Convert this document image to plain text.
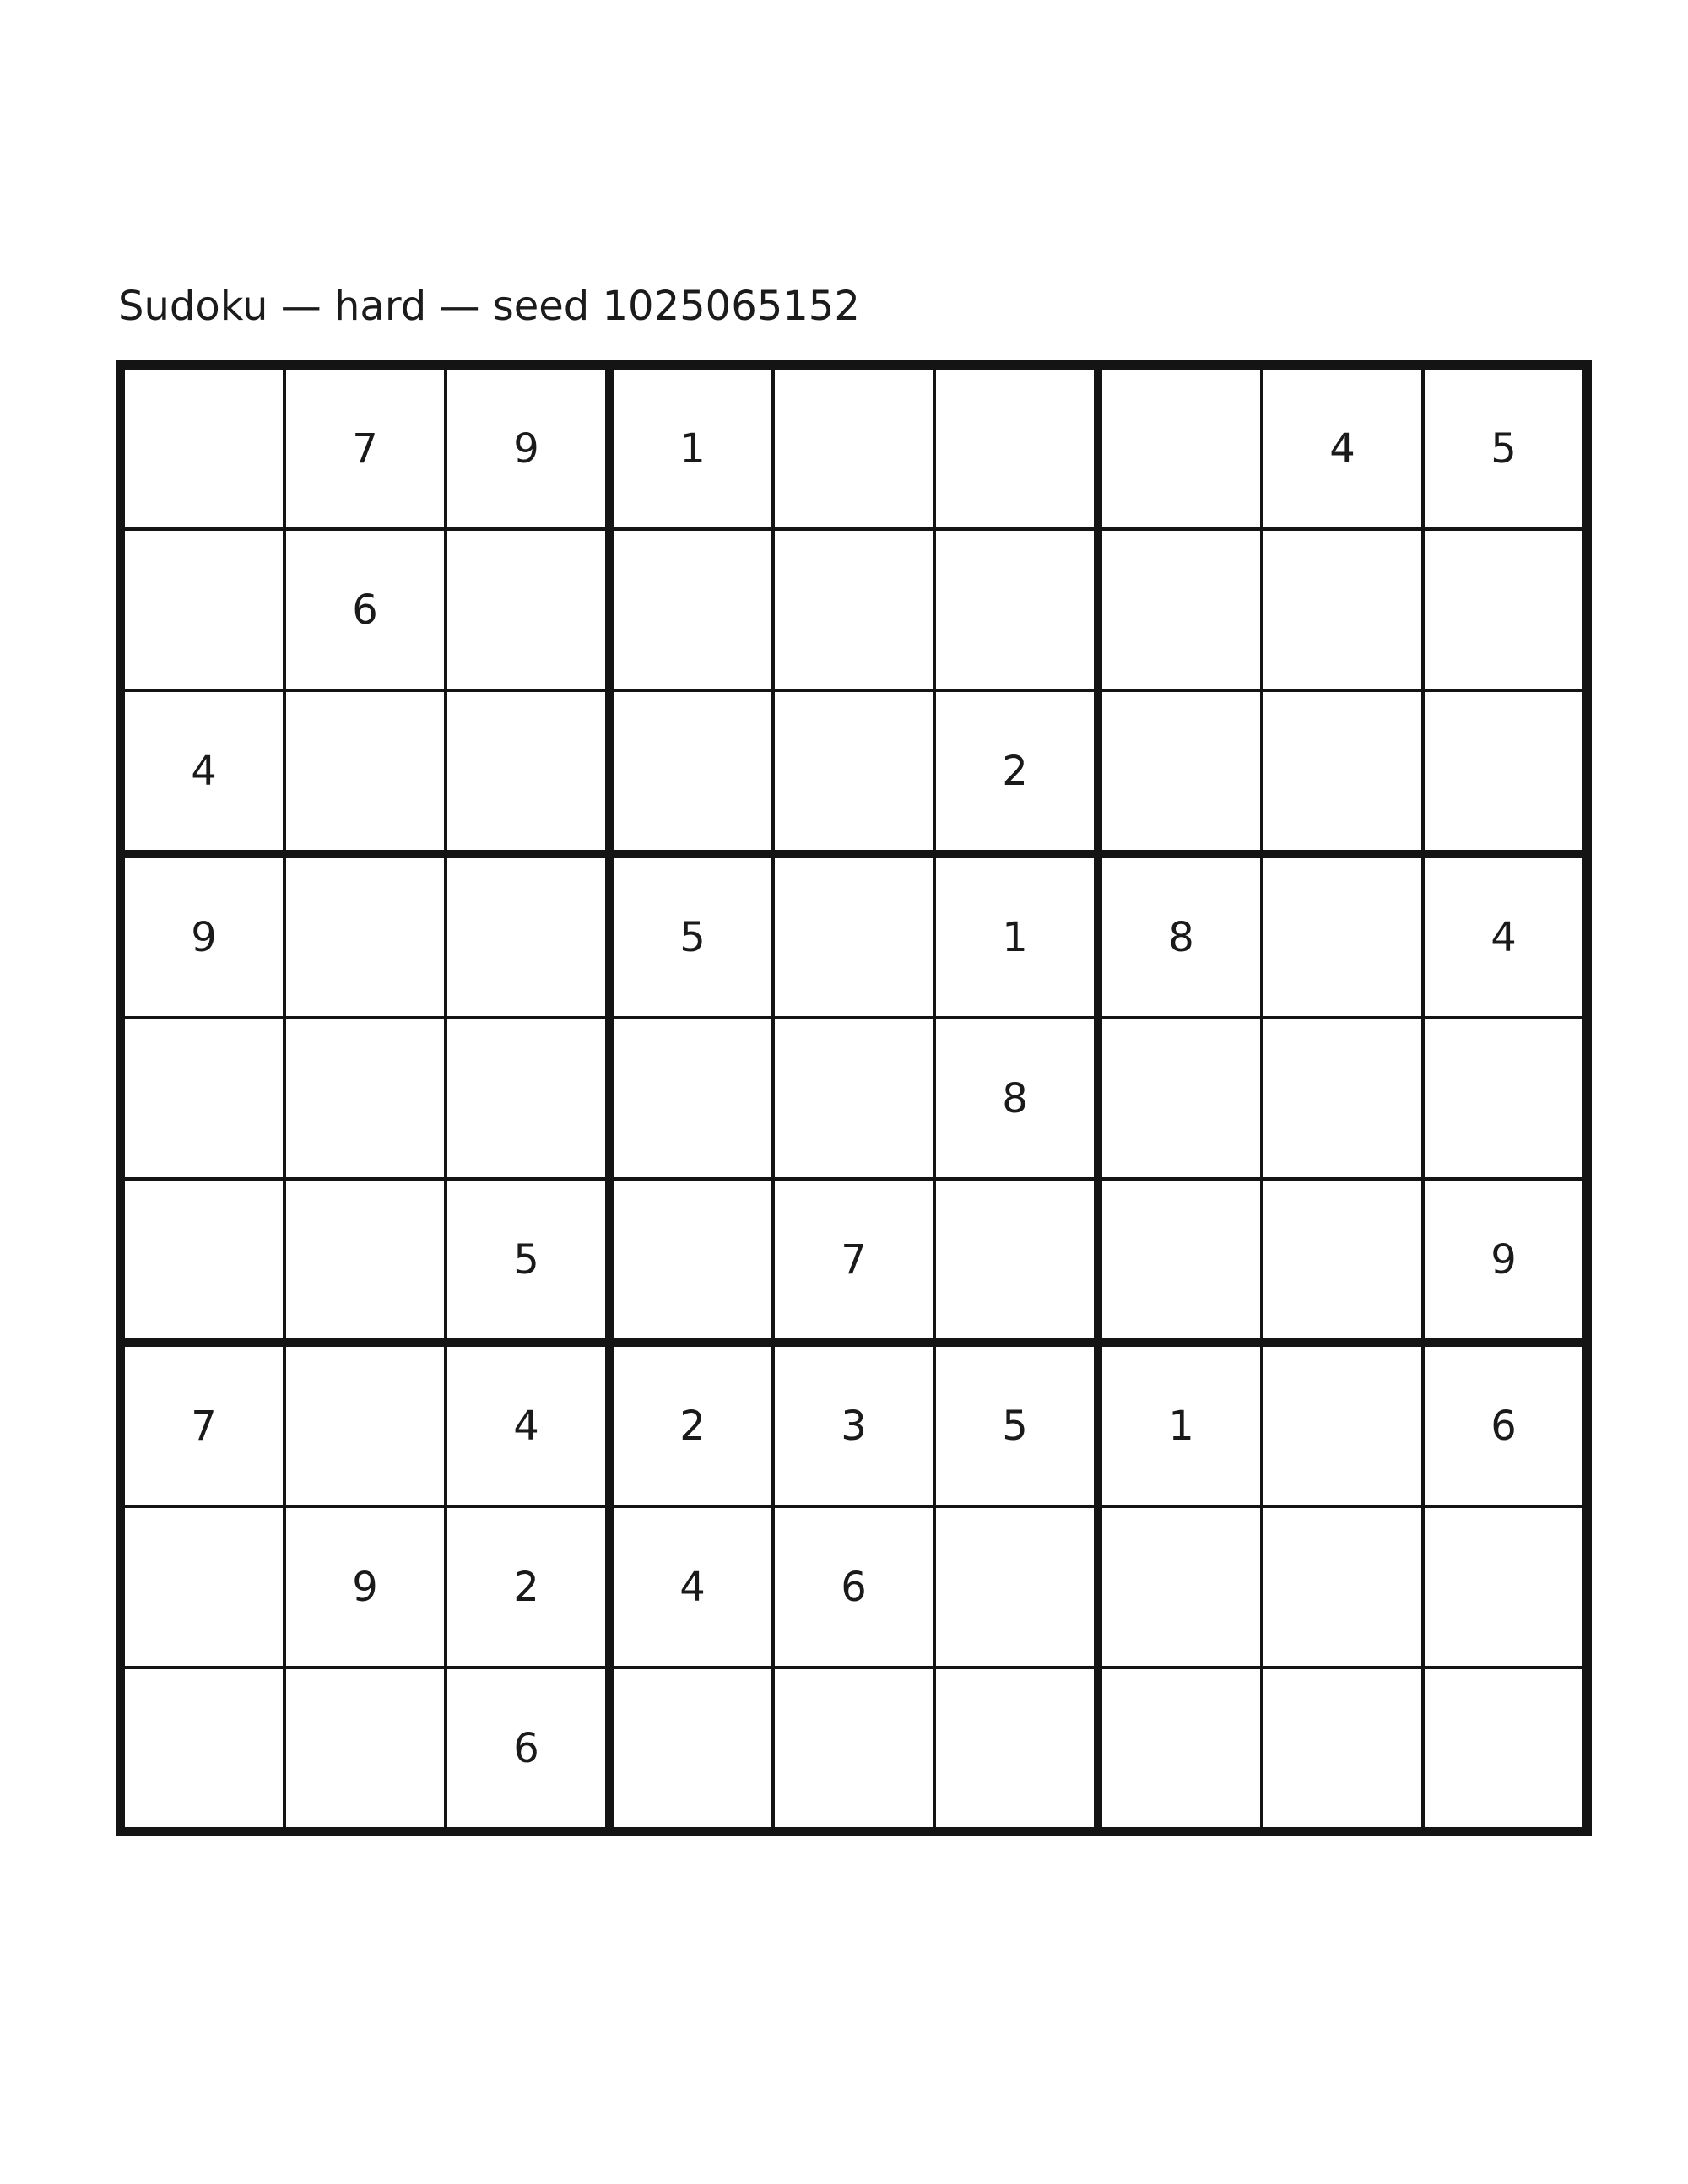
Sudoku — hard — seed 1025065152
	7	9	1				4	5
	6							
4					2			
9			5		1	8		4
					8			
		5		7				9
7		4	2	3	5	1		6
	9	2	4	6				
		6						
